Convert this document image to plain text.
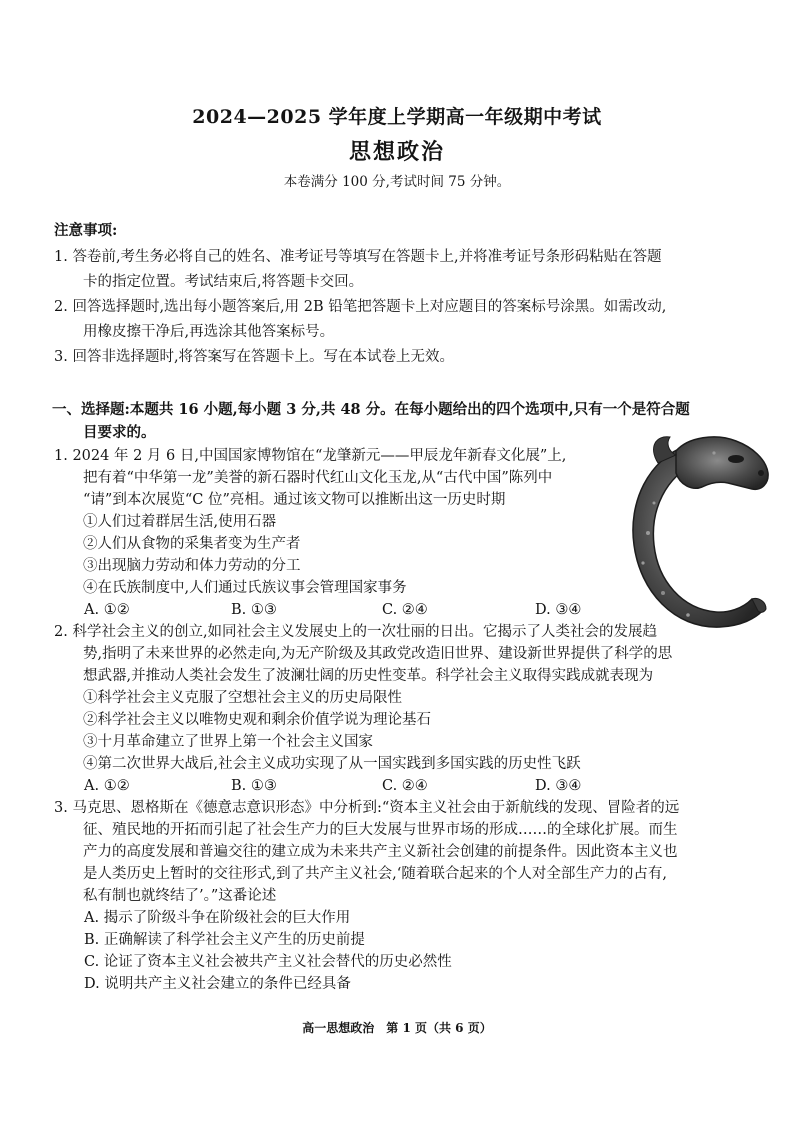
2024—2025 学年度上学期高一年级期中考试
思想政治
本卷满分 100 分,考试时间 75 分钟。
注意事项:
1. 答卷前,考生务必将自己的姓名、准考证号等填写在答题卡上,并将准考证号条形码粘贴在答题
卡的指定位置。考试结束后,将答题卡交回。
2. 回答选择题时,选出每小题答案后,用 2B 铅笔把答题卡上对应题目的答案标号涂黑。如需改动,
用橡皮擦干净后,再选涂其他答案标号。
3. 回答非选择题时,将答案写在答题卡上。写在本试卷上无效。
一、选择题:本题共 16 小题,每小题 3 分,共 48 分。在每小题给出的四个选项中,只有一个是符合题
目要求的。
1. 2024 年 2 月 6 日,中国国家博物馆在“龙肇新元——甲辰龙年新春文化展”上,
把有着“中华第一龙”美誉的新石器时代红山文化玉龙,从“古代中国”陈列中
“请”到本次展览“C 位”亮相。通过该文物可以推断出这一历史时期
①人们过着群居生活,使用石器
②人们从食物的采集者变为生产者
③出现脑力劳动和体力劳动的分工
④在氏族制度中,人们通过氏族议事会管理国家事务
A. ①②	B. ①③	C. ②④	D. ③④
2. 科学社会主义的创立,如同社会主义发展史上的一次壮丽的日出。它揭示了人类社会的发展趋
势,指明了未来世界的必然走向,为无产阶级及其政党改造旧世界、建设新世界提供了科学的思
想武器,并推动人类社会发生了波澜壮阔的历史性变革。科学社会主义取得实践成就表现为
①科学社会主义克服了空想社会主义的历史局限性
②科学社会主义以唯物史观和剩余价值学说为理论基石
③十月革命建立了世界上第一个社会主义国家
④第二次世界大战后,社会主义成功实现了从一国实践到多国实践的历史性飞跃
A. ①②	B. ①③	C. ②④	D. ③④
3. 马克思、恩格斯在《德意志意识形态》中分析到:“资本主义社会由于新航线的发现、冒险者的远
征、殖民地的开拓而引起了社会生产力的巨大发展与世界市场的形成……的全球化扩展。而生
产力的高度发展和普遍交往的建立成为未来共产主义新社会创建的前提条件。因此资本主义也
是人类历史上暂时的交往形式,到了共产主义社会,‘随着联合起来的个人对全部生产力的占有,
私有制也就终结了’。”这番论述
A. 揭示了阶级斗争在阶级社会的巨大作用
B. 正确解读了科学社会主义产生的历史前提
C. 论证了资本主义社会被共产主义社会替代的历史必然性
D. 说明共产主义社会建立的条件已经具备
高一思想政治　第 1 页（共 6 页）
